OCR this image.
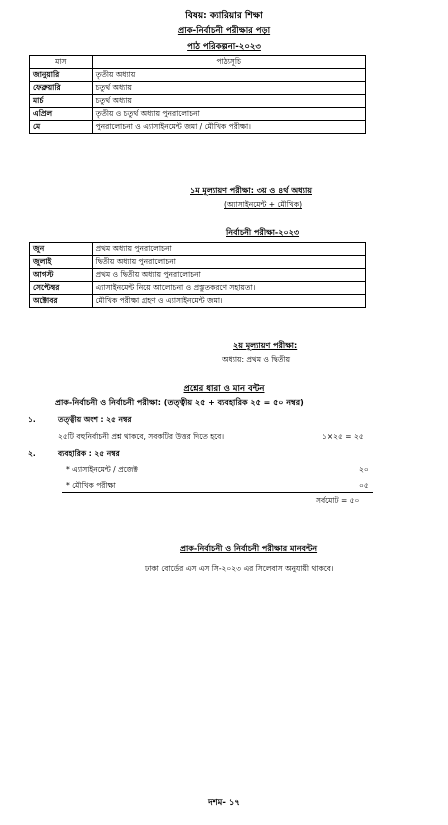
বিষয়: ক্যারিয়ার শিক্ষা
প্রাক-নির্বাচনী পরীক্ষার পড়া
পাঠ পরিকল্পনা-২০২৩
মাস	পাঠ্যসূচি
জানুয়ারি	তৃতীয় অধ্যায়
ফেব্রুয়ারি	চতুর্থ অধ্যায়
মার্চ	চতুর্থ অধ্যায়
এপ্রিল	তৃতীয় ও চতুর্থ অধ্যায় পুনরালোচনা
মে	পুনরালোচনা ও এ্যাসাইনমেন্ট জমা / মৌখিক পরীক্ষা।
১ম মূল্যায়ণ পরীক্ষা: ৩য় ও ৪র্থ অধ্যায়
(অ্যাসাইনমেন্ট + মৌখিক)
নির্বাচনী পরীক্ষা-২০২৩
জুন	প্রথম অধ্যায় পুনরালোচনা
জুলাই	দ্বিতীয় অধ্যায় পুনরালোচনা
আগস্ট	প্রথম ও দ্বিতীয় অধ্যায় পুনরালোচনা
সেপ্টেম্বর	এ্যাসাইনমেন্ট নিয়ে আলোচনা ও প্রস্তুতকরণে সহায়তা।
অক্টোবর	মৌখিক পরীক্ষা গ্রহণ ও এ্যাসাইনমেন্ট জমা।
২য় মূল্যায়ণ পরীক্ষা:
অধ্যায়: প্রথম ও দ্বিতীয়
প্রশ্নের ধারা ও মান বন্টন
প্রাক-নির্বাচনী ও নির্বাচনী পরীক্ষা: (তত্ত্বীয় ২৫ + ব্যবহারিক ২৫ = ৫০ নম্বর)
১.	তত্ত্বীয় অংশ : ২৫ নম্বর
২৫টি বহুনির্বাচনী প্রশ্ন থাকবে, সবকটির উত্তর দিতে হবে।	১×২৫ = ২৫
২.	ব্যবহারিক : ২৫ নম্বর
* এ্যাসাইনমেন্ট / প্রজেক্ট	২০
* মৌখিক পরীক্ষা	০৫
সর্বমোট = ৫০
প্রাক-নির্বাচনী ও নির্বাচনী পরীক্ষার মানবন্টন
ঢাকা বোর্ডের এস এস সি-২০২৩ এর সিলেবাস অনুযায়ী থাকবে।
দশম- ১৭
